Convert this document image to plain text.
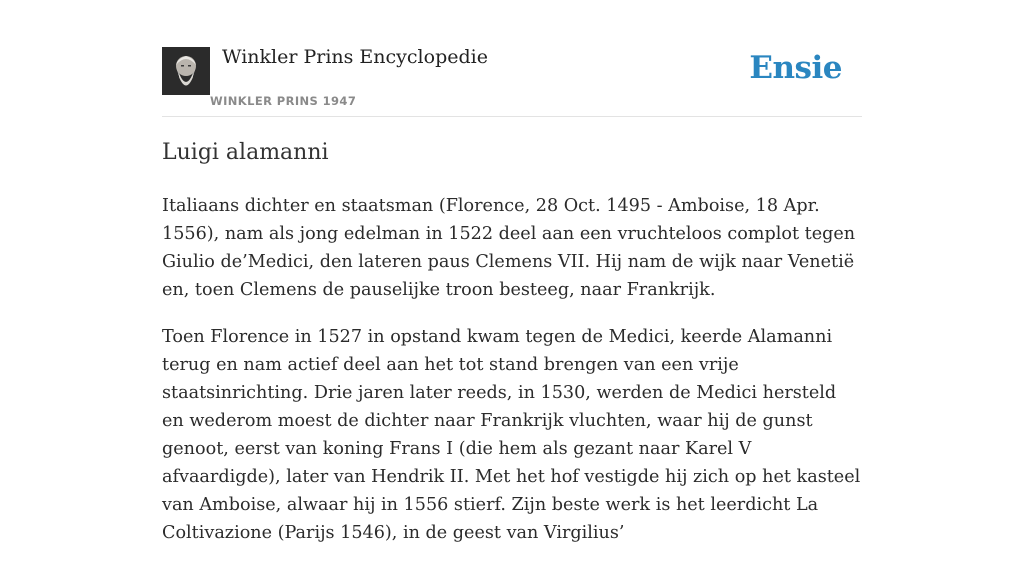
Winkler Prins Encyclopedie
WINKLER PRINS 1947
Ensie
Luigi alamanni

Italiaans dichter en staatsman (Florence, 28 Oct. 1495 - Amboise, 18 Apr. 1556), nam als jong edelman in 1522 deel aan een vruchteloos complot tegen Giulio de’Medici, den lateren paus Clemens VII. Hij nam de wijk naar Venetië en, toen Clemens de pauselijke troon besteeg, naar Frankrijk.

Toen Florence in 1527 in opstand kwam tegen de Medici, keerde Alamanni terug en nam actief deel aan het tot stand brengen van een vrije staatsinrichting. Drie jaren later reeds, in 1530, werden de Medici hersteld en wederom moest de dichter naar Frankrijk vluchten, waar hij de gunst genoot, eerst van koning Frans I (die hem als gezant naar Karel V afvaardigde), later van Hendrik II. Met het hof vestigde hij zich op het kasteel van Amboise, alwaar hij in 1556 stierf. Zijn beste werk is het leerdicht La Coltivazione (Parijs 1546), in de geest van Virgilius’
